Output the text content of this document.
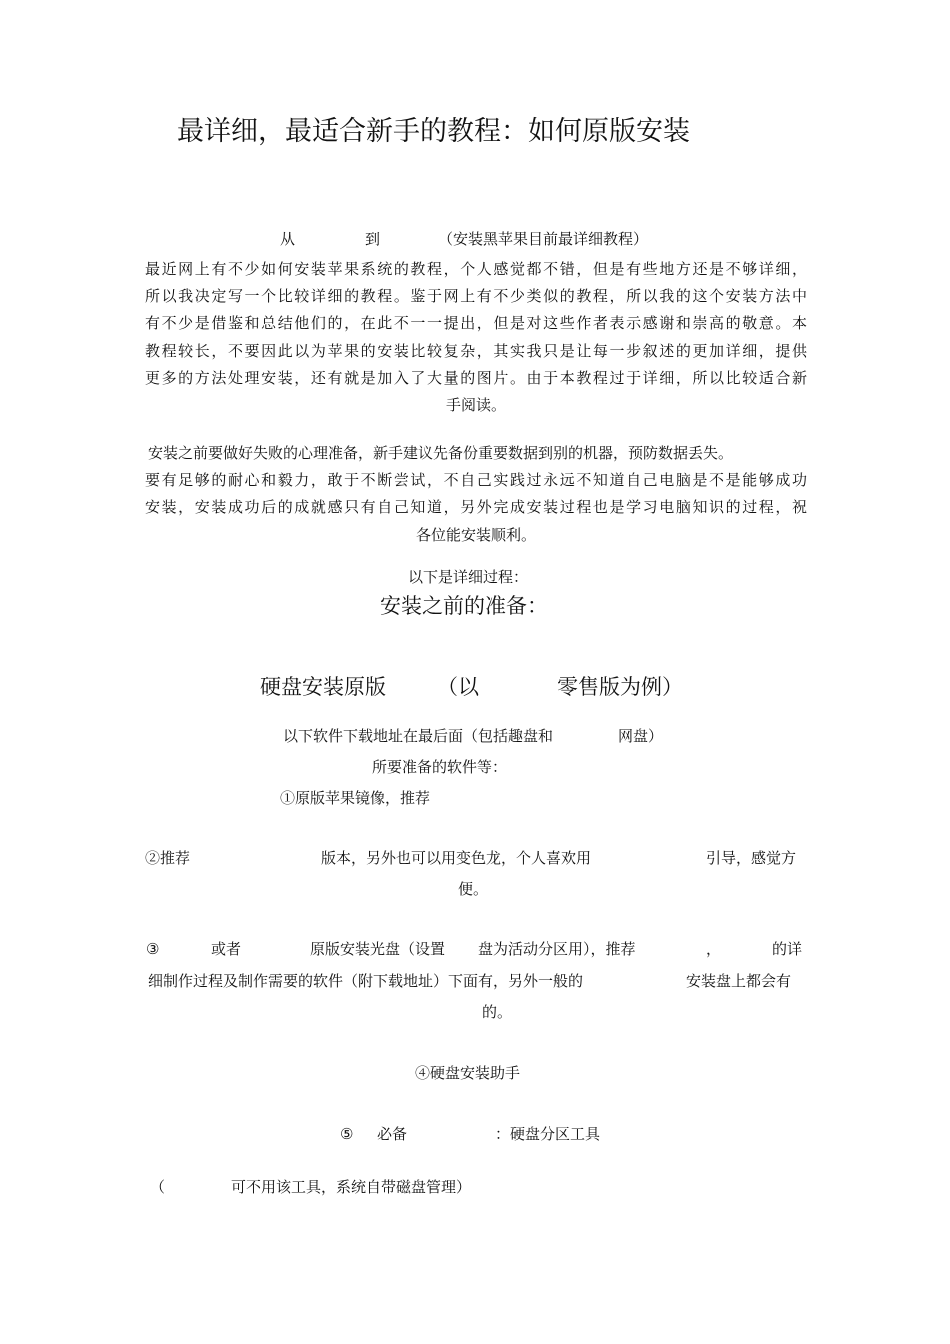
最详细，最适合新手的教程：如何原版安装
从	到	（安装黑苹果目前最详细教程）
最近网上有不少如何安装苹果系统的教程，个人感觉都不错，但是有些地方还是不够详细，
所以我决定写一个比较详细的教程。鉴于网上有不少类似的教程，所以我的这个安装方法中
有不少是借鉴和总结他们的，在此不一一提出，但是对这些作者表示感谢和崇高的敬意。本
教程较长，不要因此以为苹果的安装比较复杂，其实我只是让每一步叙述的更加详细，提供
更多的方法处理安装，还有就是加入了大量的图片。由于本教程过于详细，所以比较适合新
手阅读。
安装之前要做好失败的心理准备，新手建议先备份重要数据到别的机器，预防数据丢失。
要有足够的耐心和毅力，敢于不断尝试，不自己实践过永远不知道自己电脑是不是能够成功
安装，安装成功后的成就感只有自己知道，另外完成安装过程也是学习电脑知识的过程，祝
各位能安装顺利。
以下是详细过程：
安装之前的准备：
硬盘安装原版 （以	零售版为例）
以下软件下载地址在最后面（包括趣盘和	网盘）
所要准备的软件等：
①原版苹果镜像，推荐
②推荐	版本，另外也可以用变色龙，个人喜欢用	引导，感觉方
便。
③	或者	原版安装光盘（设置 盘为活动分区用），推荐	，	的详
细制作过程及制作需要的软件（附下载地址）下面有，另外一般的	安装盘上都会有
的。
④硬盘安装助手
⑤ 必备	：硬盘分区工具
（	可不用该工具，系统自带磁盘管理）
